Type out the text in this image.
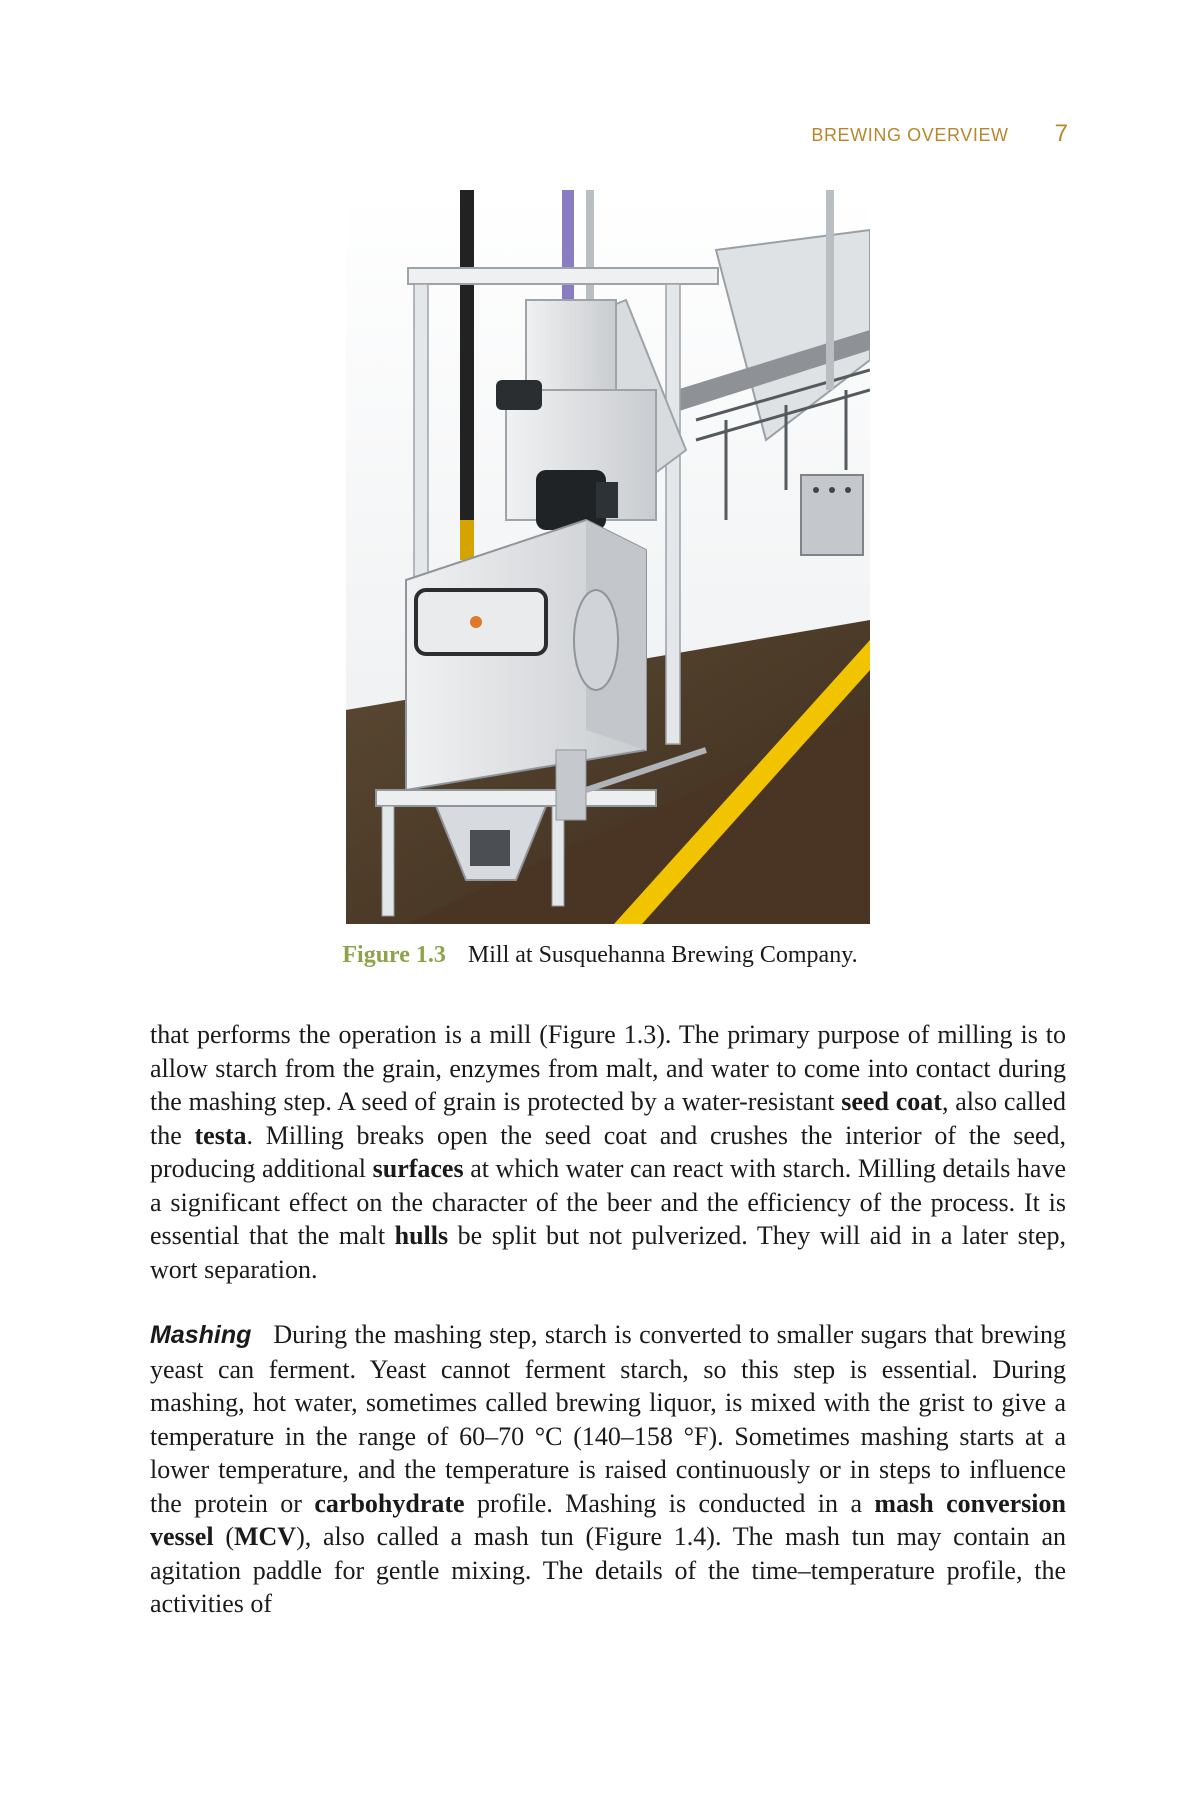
BREWING OVERVIEW 7
Figure 1.3 Mill at Susquehanna Brewing Company.

that performs the operation is a mill (Figure 1.3). The primary purpose of milling is to allow starch from the grain, enzymes from malt, and water to come into contact during the mashing step. A seed of grain is protected by a water-resistant seed coat, also called the testa. Milling breaks open the seed coat and crushes the interior of the seed, producing additional surfaces at which water can react with starch. Milling details have a significant effect on the character of the beer and the efficiency of the process. It is essential that the malt hulls be split but not pulverized. They will aid in a later step, wort separation.

Mashing During the mashing step, starch is converted to smaller sugars that brewing yeast can ferment. Yeast cannot ferment starch, so this step is essential. During mashing, hot water, sometimes called brewing liquor, is mixed with the grist to give a temperature in the range of 60–70 °C (140–158 °F). Sometimes mashing starts at a lower temperature, and the temperature is raised continuously or in steps to influence the protein or carbohydrate profile. Mashing is conducted in a mash conversion vessel (MCV), also called a mash tun (Figure 1.4). The mash tun may contain an agitation paddle for gentle mixing. The details of the time–temperature profile, the activities of
